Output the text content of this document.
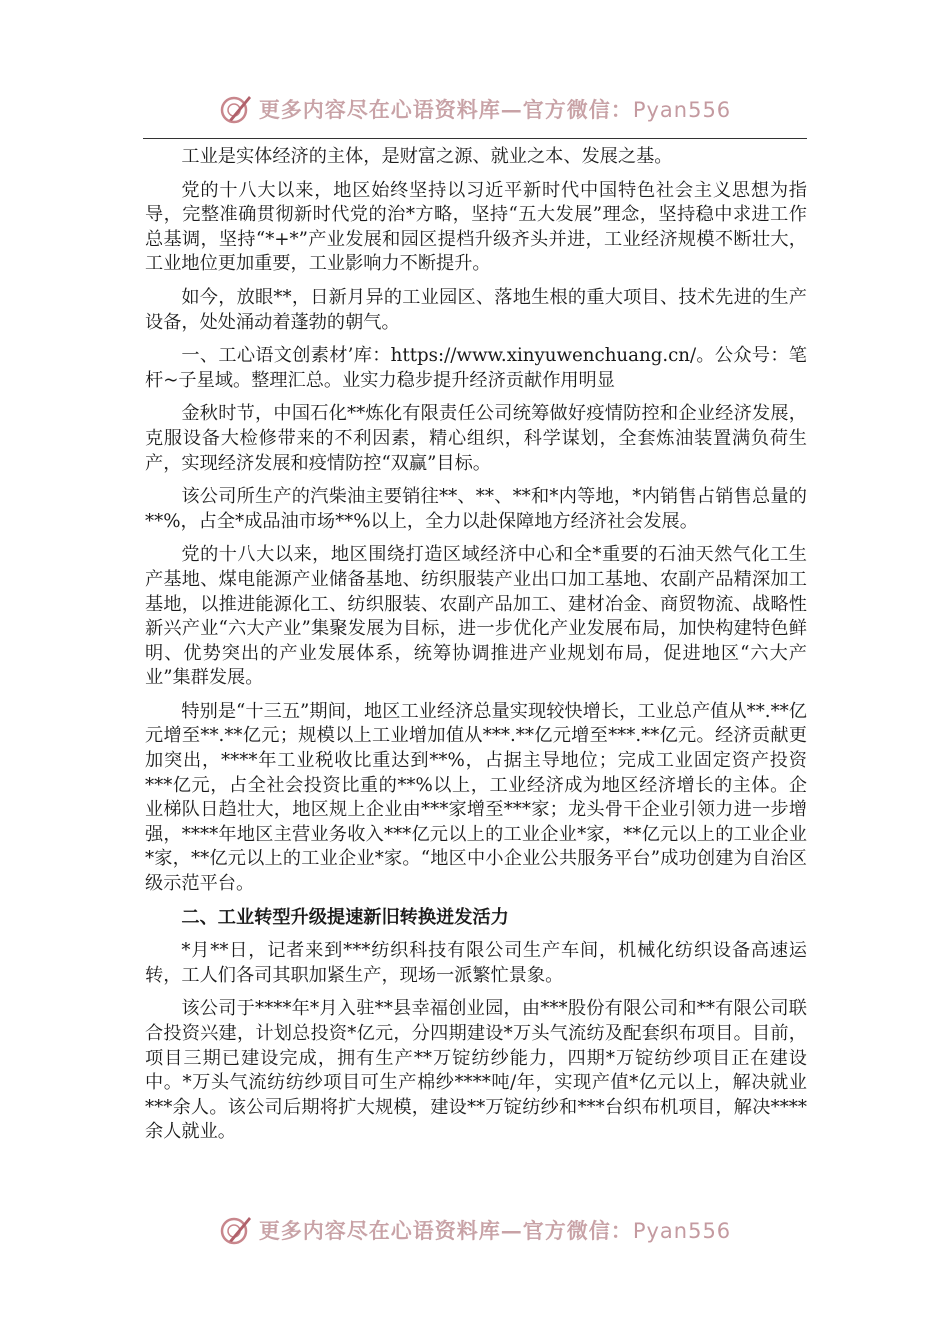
更多内容尽在心语资料库—官方微信：Pyan556

工业是实体经济的主体，是财富之源、就业之本、发展之基。

党的十八大以来，地区始终坚持以习近平新时代中国特色社会主义思想为指导，完整准确贯彻新时代党的治*方略，坚持“五大发展”理念，坚持稳中求进工作总基调，坚持“*+*”产业发展和园区提档升级齐头并进，工业经济规模不断壮大，工业地位更加重要，工业影响力不断提升。

如今，放眼**，日新月异的工业园区、落地生根的重大项目、技术先进的生产设备，处处涌动着蓬勃的朝气。

一、工心语文创素材’库：https://www.xinyuwenchuang.cn/。公众号：笔杆~子星域。整理汇总。业实力稳步提升经济贡献作用明显

金秋时节，中国石化**炼化有限责任公司统筹做好疫情防控和企业经济发展，克服设备大检修带来的不利因素，精心组织，科学谋划，全套炼油装置满负荷生产，实现经济发展和疫情防控“双赢”目标。

该公司所生产的汽柴油主要销往**、**、**和*内等地，*内销售占销售总量的**%，占全*成品油市场**%以上，全力以赴保障地方经济社会发展。

党的十八大以来，地区围绕打造区域经济中心和全*重要的石油天然气化工生产基地、煤电能源产业储备基地、纺织服装产业出口加工基地、农副产品精深加工基地，以推进能源化工、纺织服装、农副产品加工、建材冶金、商贸物流、战略性新兴产业“六大产业”集聚发展为目标，进一步优化产业发展布局，加快构建特色鲜明、优势突出的产业发展体系，统筹协调推进产业规划布局，促进地区“六大产业”集群发展。

特别是“十三五”期间，地区工业经济总量实现较快增长，工业总产值从**.**亿元增至**.**亿元；规模以上工业增加值从***.**亿元增至***.**亿元。经济贡献更加突出，****年工业税收比重达到**%，占据主导地位；完成工业固定资产投资***亿元，占全社会投资比重的**%以上，工业经济成为地区经济增长的主体。企业梯队日趋壮大，地区规上企业由***家增至***家；龙头骨干企业引领力进一步增强，****年地区主营业务收入***亿元以上的工业企业*家，**亿元以上的工业企业*家，**亿元以上的工业企业*家。“地区中小企业公共服务平台”成功创建为自治区级示范平台。

二、工业转型升级提速新旧转换迸发活力

*月**日，记者来到***纺织科技有限公司生产车间，机械化纺织设备高速运转，工人们各司其职加紧生产，现场一派繁忙景象。

该公司于****年*月入驻**县幸福创业园，由***股份有限公司和**有限公司联合投资兴建，计划总投资*亿元，分四期建设*万头气流纺及配套织布项目。目前，项目三期已建设完成，拥有生产**万锭纺纱能力，四期*万锭纺纱项目正在建设中。*万头气流纺纺纱项目可生产棉纱****吨/年，实现产值*亿元以上，解决就业***余人。该公司后期将扩大规模，建设**万锭纺纱和***台织布机项目，解决****余人就业。

更多内容尽在心语资料库—官方微信：Pyan556
